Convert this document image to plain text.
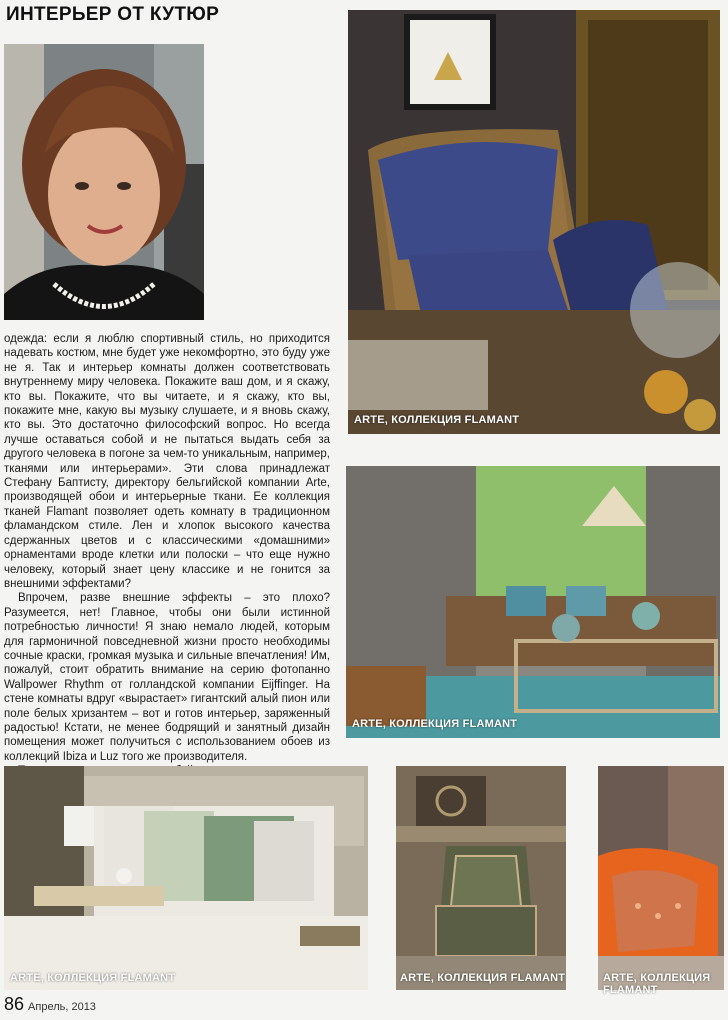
ИНТЕРЬЕР ОТ КУТЮР
ARTE, КОЛЛЕКЦИЯ FLAMANT
ARTE, КОЛЛЕКЦИЯ FLAMANT

одежда: если я люблю спортивный стиль, но приходится надевать костюм, мне будет уже некомфортно, это буду уже не я. Так и интерьер комнаты должен соответствовать внутреннему миру человека. Покажите ваш дом, и я скажу, кто вы. Покажите, что вы читаете, и я скажу, кто вы, покажите мне, какую вы музыку слушаете, и я вновь скажу, кто вы. Это достаточно философский вопрос. Но всегда лучше оставаться собой и не пытаться выдать себя за другого человека в погоне за чем-то уникальным, например, тканями или интерьерами». Эти слова принадлежат Стефану Баптисту, директору бельгийской компании Arte, производящей обои и интерьерные ткани. Ее коллекция тканей Flamant позволяет одеть комнату в традиционном фламандском стиле. Лен и хлопок высокого качества сдержанных цветов и с классическими «домашними» орнаментами вроде клетки или полоски – что еще нужно человеку, который знает цену классике и не гонится за внешними эффектами?

Впрочем, разве внешние эффекты – это плохо? Разумеется, нет! Главное, чтобы они были истинной потребностью личности! Я знаю немало людей, которым для гармоничной повседневной жизни просто необходимы сочные краски, громкая музыка и сильные впечатления! Им, пожалуй, стоит обратить внимание на серию фотопанно Wallpower Rhythm от голландской компании Eijffinger. На стене комнаты вдруг «вырастает» гигантский алый пион или поле белых хризантем – вот и готов интерьер, заряженный радостью! Кстати, не менее бодрящий и занятный дизайн помещения может получиться с использованием обоев из коллекций Ibiza и Luz того же производителя.

ARTE, КОЛЛЕКЦИЯ FLAMANT	ARTE, КОЛЛЕКЦИЯ FLAMANT	ARTE, КОЛЛЕКЦИЯ FLAMANT
86 Апрель, 2013
